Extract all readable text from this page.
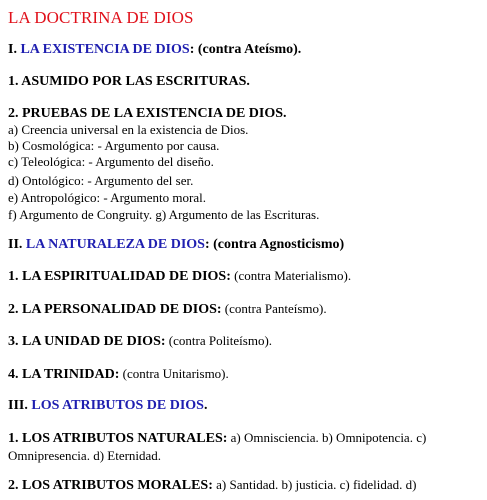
LA DOCTRINA DE DIOS
I. LA EXISTENCIA DE DIOS: (contra Ateísmo).
1. ASUMIDO POR LAS ESCRITURAS.
2. PRUEBAS DE LA EXISTENCIA DE DIOS.
a) Creencia universal en la existencia de Dios.
b) Cosmológica: - Argumento por causa.
c) Teleológica: - Argumento del diseño.
d) Ontológico: - Argumento del ser.
e) Antropológico: - Argumento moral.
f) Argumento de Congruity. g) Argumento de las Escrituras.
II. LA NATURALEZA DE DIOS: (contra Agnosticismo)
1. LA ESPIRITUALIDAD DE DIOS: (contra Materialismo).
2. LA PERSONALIDAD DE DIOS: (contra Panteísmo).
3. LA UNIDAD DE DIOS: (contra Politeísmo).
4. LA TRINIDAD: (contra Unitarismo).
III. LOS ATRIBUTOS DE DIOS.
1. LOS ATRIBUTOS NATURALES: a) Omnisciencia. b) Omnipotencia. c) Omnipresencia. d) Eternidad.
2. LOS ATRIBUTOS MORALES: a) Santidad. b) justicia. c) fidelidad. d)
